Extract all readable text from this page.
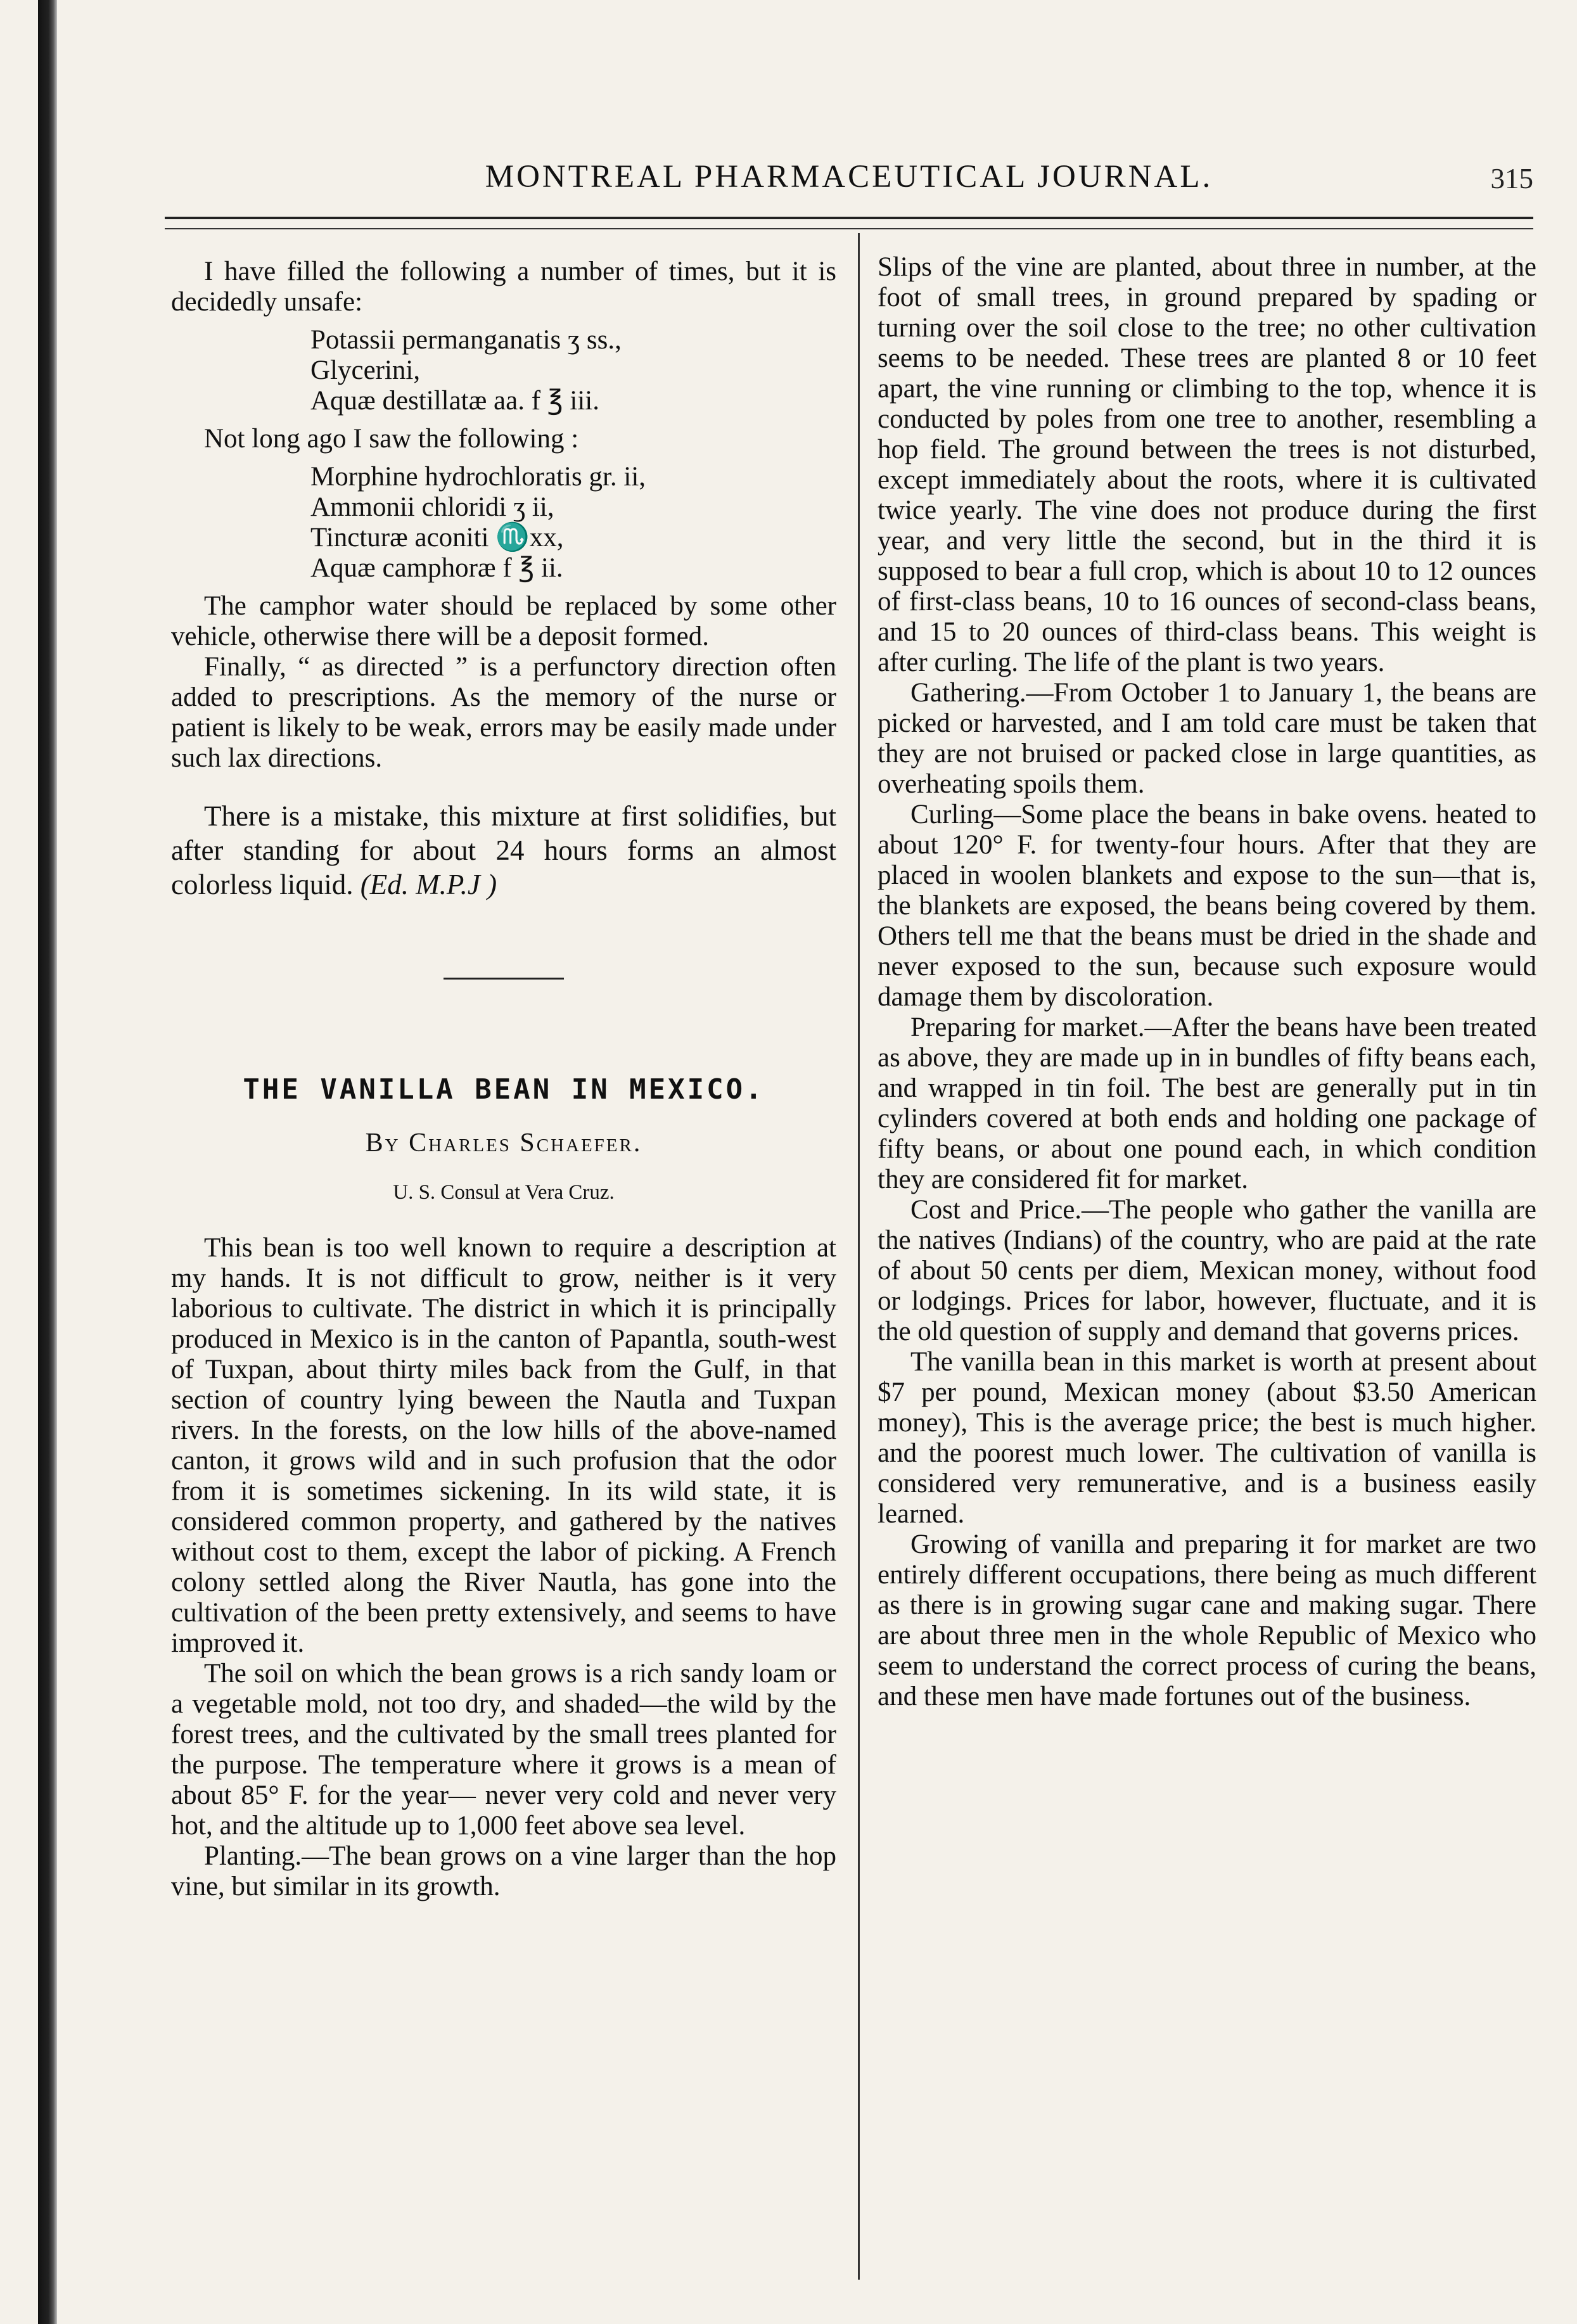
MONTREAL PHARMACEUTICAL JOURNAL.	315

I have filled the following a number of times, but it is decidedly unsafe:

Potassii permanganatis ʒ ss.,
Glycerini,
Aquæ destillatæ aa. f ℥ iii.

Not long ago I saw the following :

Morphine hydrochloratis gr. ii,
Ammonii chloridi ʒ ii,
Tincturæ aconiti ♏xx,
Aquæ camphoræ f ℥ ii.

The camphor water should be replaced by some other vehicle, otherwise there will be a deposit formed.

Finally, “ as directed ” is a perfunctory direction often added to prescriptions. As the memory of the nurse or patient is likely to be weak, errors may be easily made under such lax directions.

There is a mistake, this mixture at first solidifies, but after standing for about 24 hours forms an almost colorless liquid. (Ed. M.P.J )

THE VANILLA BEAN IN MEXICO.
By Charles Schaefer.
U. S. Consul at Vera Cruz.

This bean is too well known to require a description at my hands. It is not difficult to grow, neither is it very laborious to cultivate. The district in which it is principally produced in Mexico is in the canton of Papantla, south-west of Tuxpan, about thirty miles back from the Gulf, in that section of country lying beween the Nautla and Tuxpan rivers. In the forests, on the low hills of the above-named canton, it grows wild and in such profusion that the odor from it is sometimes sickening. In its wild state, it is considered common property, and gathered by the natives without cost to them, except the labor of picking. A French colony settled along the River Nautla, has gone into the cultivation of the been pretty extensively, and seems to have improved it.

The soil on which the bean grows is a rich sandy loam or a vegetable mold, not too dry, and shaded—the wild by the forest trees, and the cultivated by the small trees planted for the purpose. The temperature where it grows is a mean of about 85° F. for the year— never very cold and never very hot, and the altitude up to 1,000 feet above sea level.

Planting.—The bean grows on a vine larger than the hop vine, but similar in its growth.

Slips of the vine are planted, about three in number, at the foot of small trees, in ground prepared by spading or turning over the soil close to the tree; no other cultivation seems to be needed. These trees are planted 8 or 10 feet apart, the vine running or climbing to the top, whence it is conducted by poles from one tree to another, resembling a hop field. The ground between the trees is not disturbed, except immediately about the roots, where it is cultivated twice yearly. The vine does not produce during the first year, and very little the second, but in the third it is supposed to bear a full crop, which is about 10 to 12 ounces of first-class beans, 10 to 16 ounces of second-class beans, and 15 to 20 ounces of third-class beans. This weight is after curling. The life of the plant is two years.

Gathering.—From October 1 to January 1, the beans are picked or harvested, and I am told care must be taken that they are not bruised or packed close in large quantities, as overheating spoils them.

Curling—Some place the beans in bake ovens. heated to about 120° F. for twenty-four hours. After that they are placed in woolen blankets and expose to the sun—that is, the blankets are exposed, the beans being covered by them. Others tell me that the beans must be dried in the shade and never exposed to the sun, because such exposure would damage them by discoloration.

Preparing for market.—After the beans have been treated as above, they are made up in in bundles of fifty beans each, and wrapped in tin foil. The best are generally put in tin cylinders covered at both ends and holding one package of fifty beans, or about one pound each, in which condition they are considered fit for market.

Cost and Price.—The people who gather the vanilla are the natives (Indians) of the country, who are paid at the rate of about 50 cents per diem, Mexican money, without food or lodgings. Prices for labor, however, fluctuate, and it is the old question of supply and demand that governs prices.

The vanilla bean in this market is worth at present about $7 per pound, Mexican money (about $3.50 American money), This is the average price; the best is much higher. and the poorest much lower. The cultivation of vanilla is considered very remunerative, and is a business easily learned.

Growing of vanilla and preparing it for market are two entirely different occupations, there being as much different as there is in growing sugar cane and making sugar. There are about three men in the whole Republic of Mexico who seem to understand the correct process of curing the beans, and these men have made fortunes out of the business.
